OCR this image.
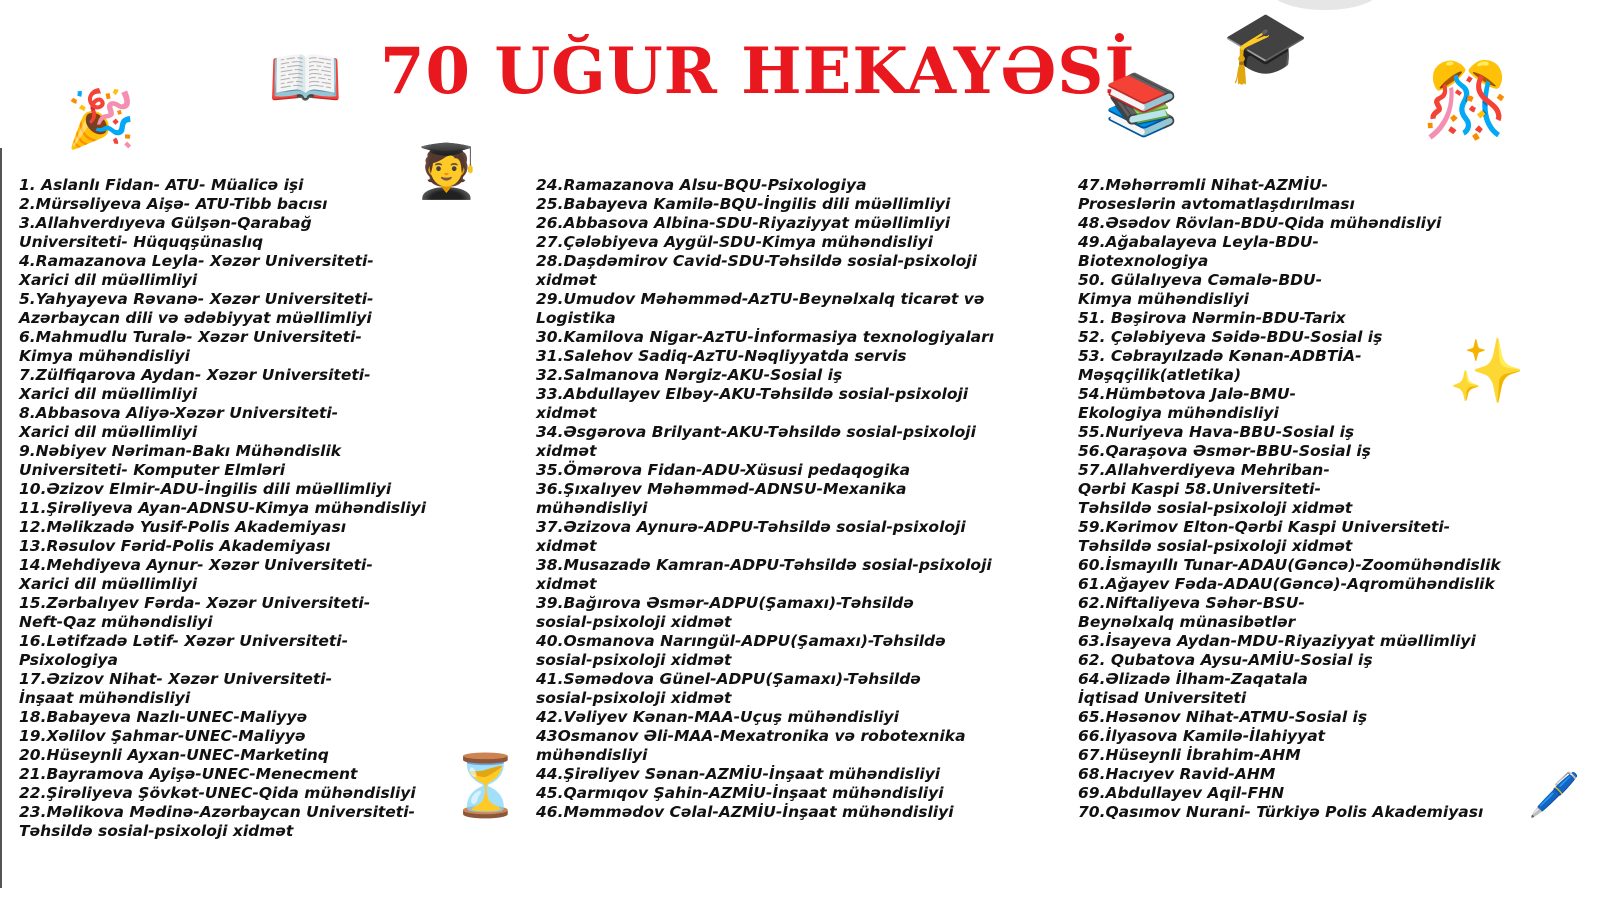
70 UĞUR HEKAYƏSİ
📖	🎓
🎉	📚	🎊
🧑‍🎓
✨
⏳	🖊️
1. Aslanlı Fidan- ATU- Müalicə işi
2.Mürsəliyeva Aişə- ATU-Tibb bacısı
3.Allahverdıyeva Gülşən-Qarabağ
Universiteti- Hüquqşünaslıq
4.Ramazanova Leyla- Xəzər Universiteti-
Xarici dil müəllimliyi
5.Yahyayeva Rəvanə- Xəzər Universiteti-
Azərbaycan dili və ədəbiyyat müəllimliyi
6.Mahmudlu Turalə- Xəzər Universiteti-
Kimya mühəndisliyi
7.Zülfiqarova Aydan- Xəzər Universiteti-
Xarici dil müəllimliyi
8.Abbasova Aliyə-Xəzər Universiteti-
Xarici dil müəllimliyi
9.Nəbiyev Nəriman-Bakı Mühəndislik
Universiteti- Komputer Elmləri
10.Əzizov Elmir-ADU-İngilis dili müəllimliyi
11.Şirəliyeva Ayan-ADNSU-Kimya mühəndisliyi
12.Məlikzadə Yusif-Polis Akademiyası
13.Rəsulov Fərid-Polis Akademiyası
14.Mehdiyeva Aynur- Xəzər Universiteti-
Xarici dil müəllimliyi
15.Zərbalıyev Fərda- Xəzər Universiteti-
Neft-Qaz mühəndisliyi
16.Lətifzadə Lətif- Xəzər Universiteti-
Psixologiya
17.Əzizov Nihat- Xəzər Universiteti-
İnşaat mühəndisliyi
18.Babayeva Nazlı-UNEC-Maliyyə
19.Xəlilov Şahmar-UNEC-Maliyyə
20.Hüseynli Ayxan-UNEC-Marketinq
21.Bayramova Ayişə-UNEC-Menecment
22.Şirəliyeva Şövkət-UNEC-Qida mühəndisliyi
23.Məlikova Mədinə-Azərbaycan Universiteti-
Təhsildə sosial-psixoloji xidmət
24.Ramazanova Alsu-BQU-Psixologiya
25.Babayeva Kamilə-BQU-İngilis dili müəllimliyi
26.Abbasova Albina-SDU-Riyaziyyat müəllimliyi
27.Çələbiyeva Aygül-SDU-Kimya mühəndisliyi
28.Daşdəmirov Cavid-SDU-Təhsildə sosial-psixoloji
xidmət
29.Umudov Məhəmməd-AzTU-Beynəlxalq ticarət və
Logistika
30.Kamilova Nigar-AzTU-İnformasiya texnologiyaları
31.Salehov Sadiq-AzTU-Nəqliyyatda servis
32.Salmanova Nərgiz-AKU-Sosial iş
33.Abdullayev Elbəy-AKU-Təhsildə sosial-psixoloji
xidmət
34.Əsgərova Brilyant-AKU-Təhsildə sosial-psixoloji
xidmət
35.Ömərova Fidan-ADU-Xüsusi pedaqogika
36.Şıxalıyev Məhəmməd-ADNSU-Mexanika
mühəndisliyi
37.Əzizova Aynurə-ADPU-Təhsildə sosial-psixoloji
xidmət
38.Musazadə Kamran-ADPU-Təhsildə sosial-psixoloji
xidmət
39.Bağırova Əsmər-ADPU(Şamaxı)-Təhsildə
sosial-psixoloji xidmət
40.Osmanova Narıngül-ADPU(Şamaxı)-Təhsildə
sosial-psixoloji xidmət
41.Səmədova Günel-ADPU(Şamaxı)-Təhsildə
sosial-psixoloji xidmət
42.Vəliyev Kənan-MAA-Uçuş mühəndisliyi
43Osmanov Əli-MAA-Mexatronika və robotexnika
mühəndisliyi
44.Şirəliyev Sənan-AZMİU-İnşaat mühəndisliyi
45.Qarmıqov Şahin-AZMİU-İnşaat mühəndisliyi
46.Məmmədov Cəlal-AZMİU-İnşaat mühəndisliyi
47.Məhərrəmli Nihat-AZMİU-
Proseslərin avtomatlaşdırılması
48.Əsədov Rövlan-BDU-Qida mühəndisliyi
49.Ağabalayeva Leyla-BDU-
Biotexnologiya
50. Gülalıyeva Cəmalə-BDU-
Kimya mühəndisliyi
51. Bəşirova Nərmin-BDU-Tarix
52. Çələbiyeva Səidə-BDU-Sosial iş
53. Cəbrayılzadə Kənan-ADBTİA-
Məşqçilik(atletika)
54.Hümbətova Jalə-BMU-
Ekologiya mühəndisliyi
55.Nuriyeva Hava-BBU-Sosial iş
56.Qaraşova Əsmər-BBU-Sosial iş
57.Allahverdiyeva Mehriban-
Qərbi Kaspi 58.Universiteti-
Təhsildə sosial-psixoloji xidmət
59.Kərimov Elton-Qərbi Kaspi Universiteti-
Təhsildə sosial-psixoloji xidmət
60.İsmayıllı Tunar-ADAU(Gəncə)-Zoomühəndislik
61.Ağayev Fəda-ADAU(Gəncə)-Aqromühəndislik
62.Niftaliyeva Səhər-BSU-
Beynəlxalq münasibətlər
63.İsayeva Aydan-MDU-Riyaziyyat müəllimliyi
62. Qubatova Aysu-AMİU-Sosial iş
64.Əlizadə İlham-Zaqatala
İqtisad Universiteti
65.Həsənov Nihat-ATMU-Sosial iş
66.İlyasova Kamilə-İlahiyyat
67.Hüseynli İbrahim-AHM
68.Hacıyev Ravid-AHM
69.Abdullayev Aqil-FHN
70.Qasımov Nurani- Türkiyə Polis Akademiyası
